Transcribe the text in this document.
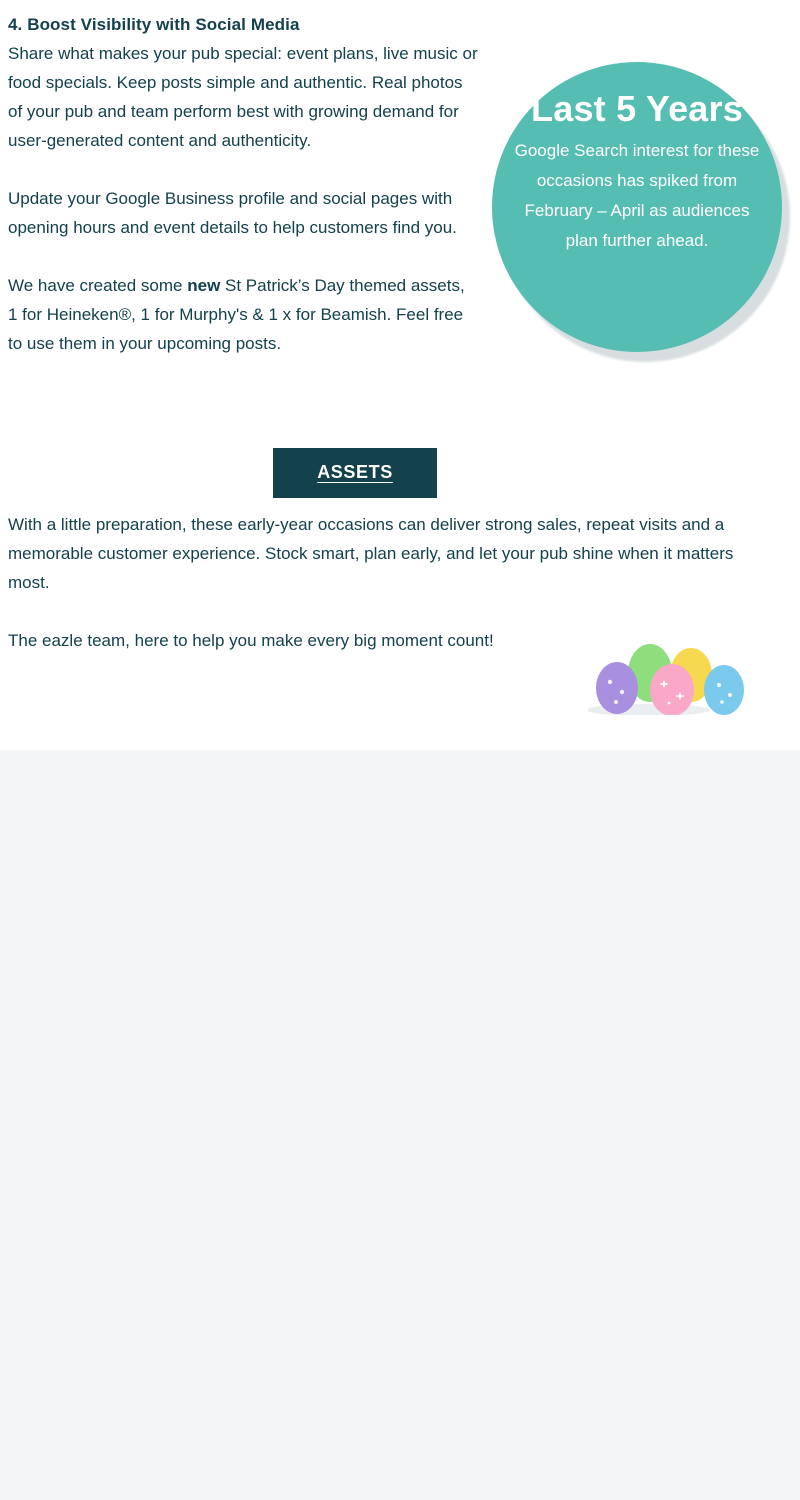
4. Boost Visibility with Social Media

Share what makes your pub special: event plans, live music or food specials. Keep posts simple and authentic. Real photos of your pub and team perform best with growing demand for user-generated content and authenticity.

Update your Google Business profile and social pages with opening hours and event details to help customers find you.

We have created some new St Patrick’s Day themed assets, 1 for Heineken®, 1 for Murphy's & 1 x for Beamish. Feel free to use them in your upcoming posts.

Last 5 Years
Google Search interest for these occasions has spiked from February – April as audiences plan further ahead.
ASSETS

With a little preparation, these early-year occasions can deliver strong sales, repeat visits and a memorable customer experience. Stock smart, plan early, and let your pub shine when it matters most.

The eazle team, here to help you make every big moment count!
